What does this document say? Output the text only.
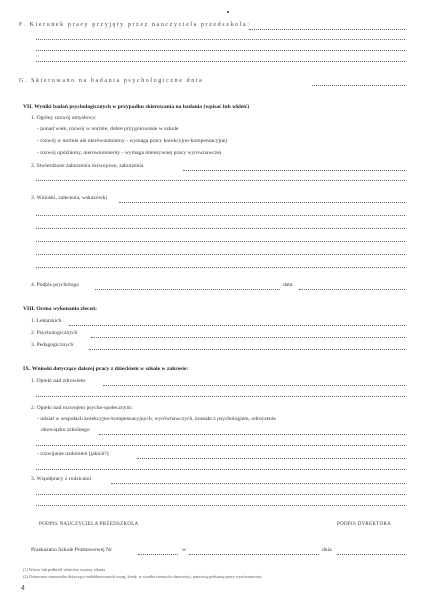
F. Kierunek pracy przyjęty przez nauczyciela przedszkola:
G. Skierowano na badania psychologiczne dnia
VII. Wyniki badań psychologicznych w przypadku skierowania na badania (wpisać lub wkleić)
1. Ogólny rozwój umysłowy:
- ponad wiek, rozwój w normie, dobre przygotowanie w szkole
- rozwój w normie ale nierównomierny - wymaga pracy korekcyjno-kompensacyjnej
- rozwój opóźniony, nierównomierny - wymaga intensywnej pracy wyrównawczej
2. Stwierdzone zaburzenia rozwojowe, zaburzenia
3. Wnioski, zalecenia, wskazówki
4. Podpis psychologa	data
VIII. Ocena wykonania zleceń:
1. Lekarskich
2. Psychologicznych
3. Pedagogicznych
IX. Wnioski dotyczące dalszej pracy z dzieckiem w szkole w zakresie:
1. Opieki nad zdrowiem
2. Opieki nad rozwojem psycho-społecznym:
- udział w zespołach korekcyjno-kompensacyjnych, wyrównawczych, kontakt z psychologiem, odroczenie
obowiązku szkolnego
- rozwijanie uzdolnień (jakich?)
3. Współpracy z rodzicami
PODPIS NAUCZYCIELA PRZEDSZKOLA	PODPIS DYREKTORA
Przekazano Szkole Podstawowej Nr	w	dnia
(1) Wstaw lub podkreśl właściwe wyrazy, zdania
(2) Ostateczne stanowisko dotyczące zadeklarowanych uwag, kiedy, w wynika istotnych obserwacji, stanowią podstawę pracy wyrównawczej.
4
